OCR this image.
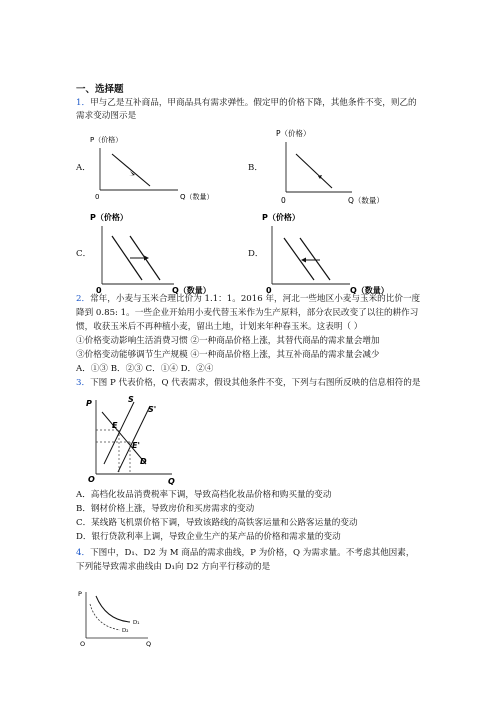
一、选择题
1．甲与乙是互补商品，甲商品具有需求弹性。假定甲的价格下降，其他条件不变，则乙的
需求变动图示是
A．
P（价格）
0	Q（数量）
B．
P（价格）
0	Q（数量）
C．
P（价格）
0	Q（数量）
D．
P（价格）
0	Q（数量）
2．常年，小麦与玉米合理比价为 1.1：1。2016 年，河北一些地区小麦与玉米的比价一度
降到 0.85: 1。一些企业开始用小麦代替玉米作为生产原料，部分农民改变了以往的耕作习
惯，收获玉米后不再种植小麦，留出土地，计划来年种春玉米。这表明（ ）
①价格变动影响生活消费习惯 ②一种商品价格上涨，其替代商品的需求量会增加
③价格变动能够调节生产规模 ④一种商品价格上涨，其互补商品的需求量会减少
A．①③ B．②③ C．①④ D．②④
3．下图 P 代表价格，Q 代表需求，假设其他条件不变，下列与右图所反映的信息相符的是
P
O	Q
S
S'
E
E'
D
A．高档化妆品消费税率下调，导致高档化妆品价格和购买量的变动
B．钢材价格上涨，导致房价和买房需求的变动
C．某线路飞机票价格下调，导致该路线的高铁客运量和公路客运量的变动
D．银行贷款利率上调，导致企业生产的某产品的价格和需求量的变动
4．下图中，D₁、D2 为 M 商品的需求曲线，P 为价格，Q 为需求量。不考虑其他因素，
下列能导致需求曲线由 D₁向 D2 方向平行移动的是
P
O	Q
D₁
D₂
